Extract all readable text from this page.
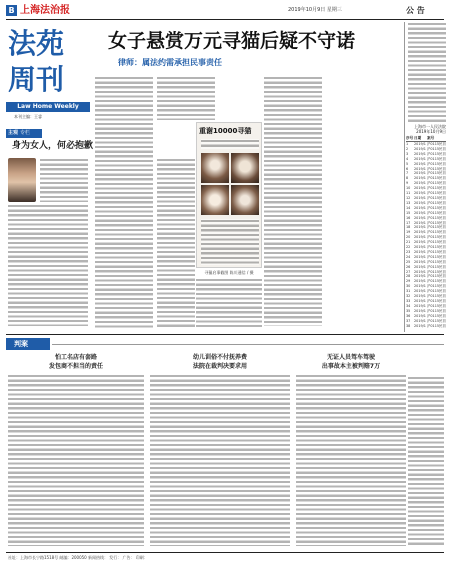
B 上海法治报	2019年10月9日 星期三	公 告
法苑
周刊
Law Home Weekly
本刊主编：王睿
主观 专栏
身为女人，何必抱歉
女子悬赏万元寻猫后疑不守诺
律师：属法约需承担民事责任
重谢10000寻猫
寻猫启事截图 陈川通信 / 摄
判案
怕工名店有套路
发包商不担当的责任
幼儿训俗不付抚养费
法院在裁判决要求用
无证人员驾车驾驶
出事故本主被判赔7万
上海市一人民法院
2019年10月9日
序号 日期	案号
1	2019/1 沪0115民初
2	2019/1 沪0115民初
3	2019/1 沪0115民初
4	2019/1 沪0115民初
5	2019/1 沪0115民初
6	2019/1 沪0115民初
7	2019/1 沪0115民初
8	2019/1 沪0115民初
9	2019/1 沪0115民初
10	2019/1 沪0115民初
11	2019/1 沪0115民初
12	2019/1 沪0115民初
13	2019/1 沪0115民初
14	2019/1 沪0115民初
15	2019/1 沪0115民初
16	2019/1 沪0115民初
17	2019/1 沪0115民初
18	2019/1 沪0115民初
19	2019/1 沪0115民初
20	2019/1 沪0115民初
21	2019/1 沪0115民初
22	2019/1 沪0115民初
23	2019/1 沪0115民初
24	2019/1 沪0115民初
25	2019/1 沪0115民初
26	2019/1 沪0115民初
27	2019/1 沪0115民初
28	2019/1 沪0115民初
29	2019/1 沪0115民初
30	2019/1 沪0115民初
31	2019/1 沪0115民初
32	2019/1 沪0115民初
33	2019/1 沪0115民初
34	2019/1 沪0115民初
35	2019/1 沪0115民初
36	2019/1 沪0115民初
37	2019/1 沪0115民初
38	2019/1 沪0115民初
社址：上海市长宁路1518号 邮编：200050 新闻热线： 发行： 广告： 印刷：
